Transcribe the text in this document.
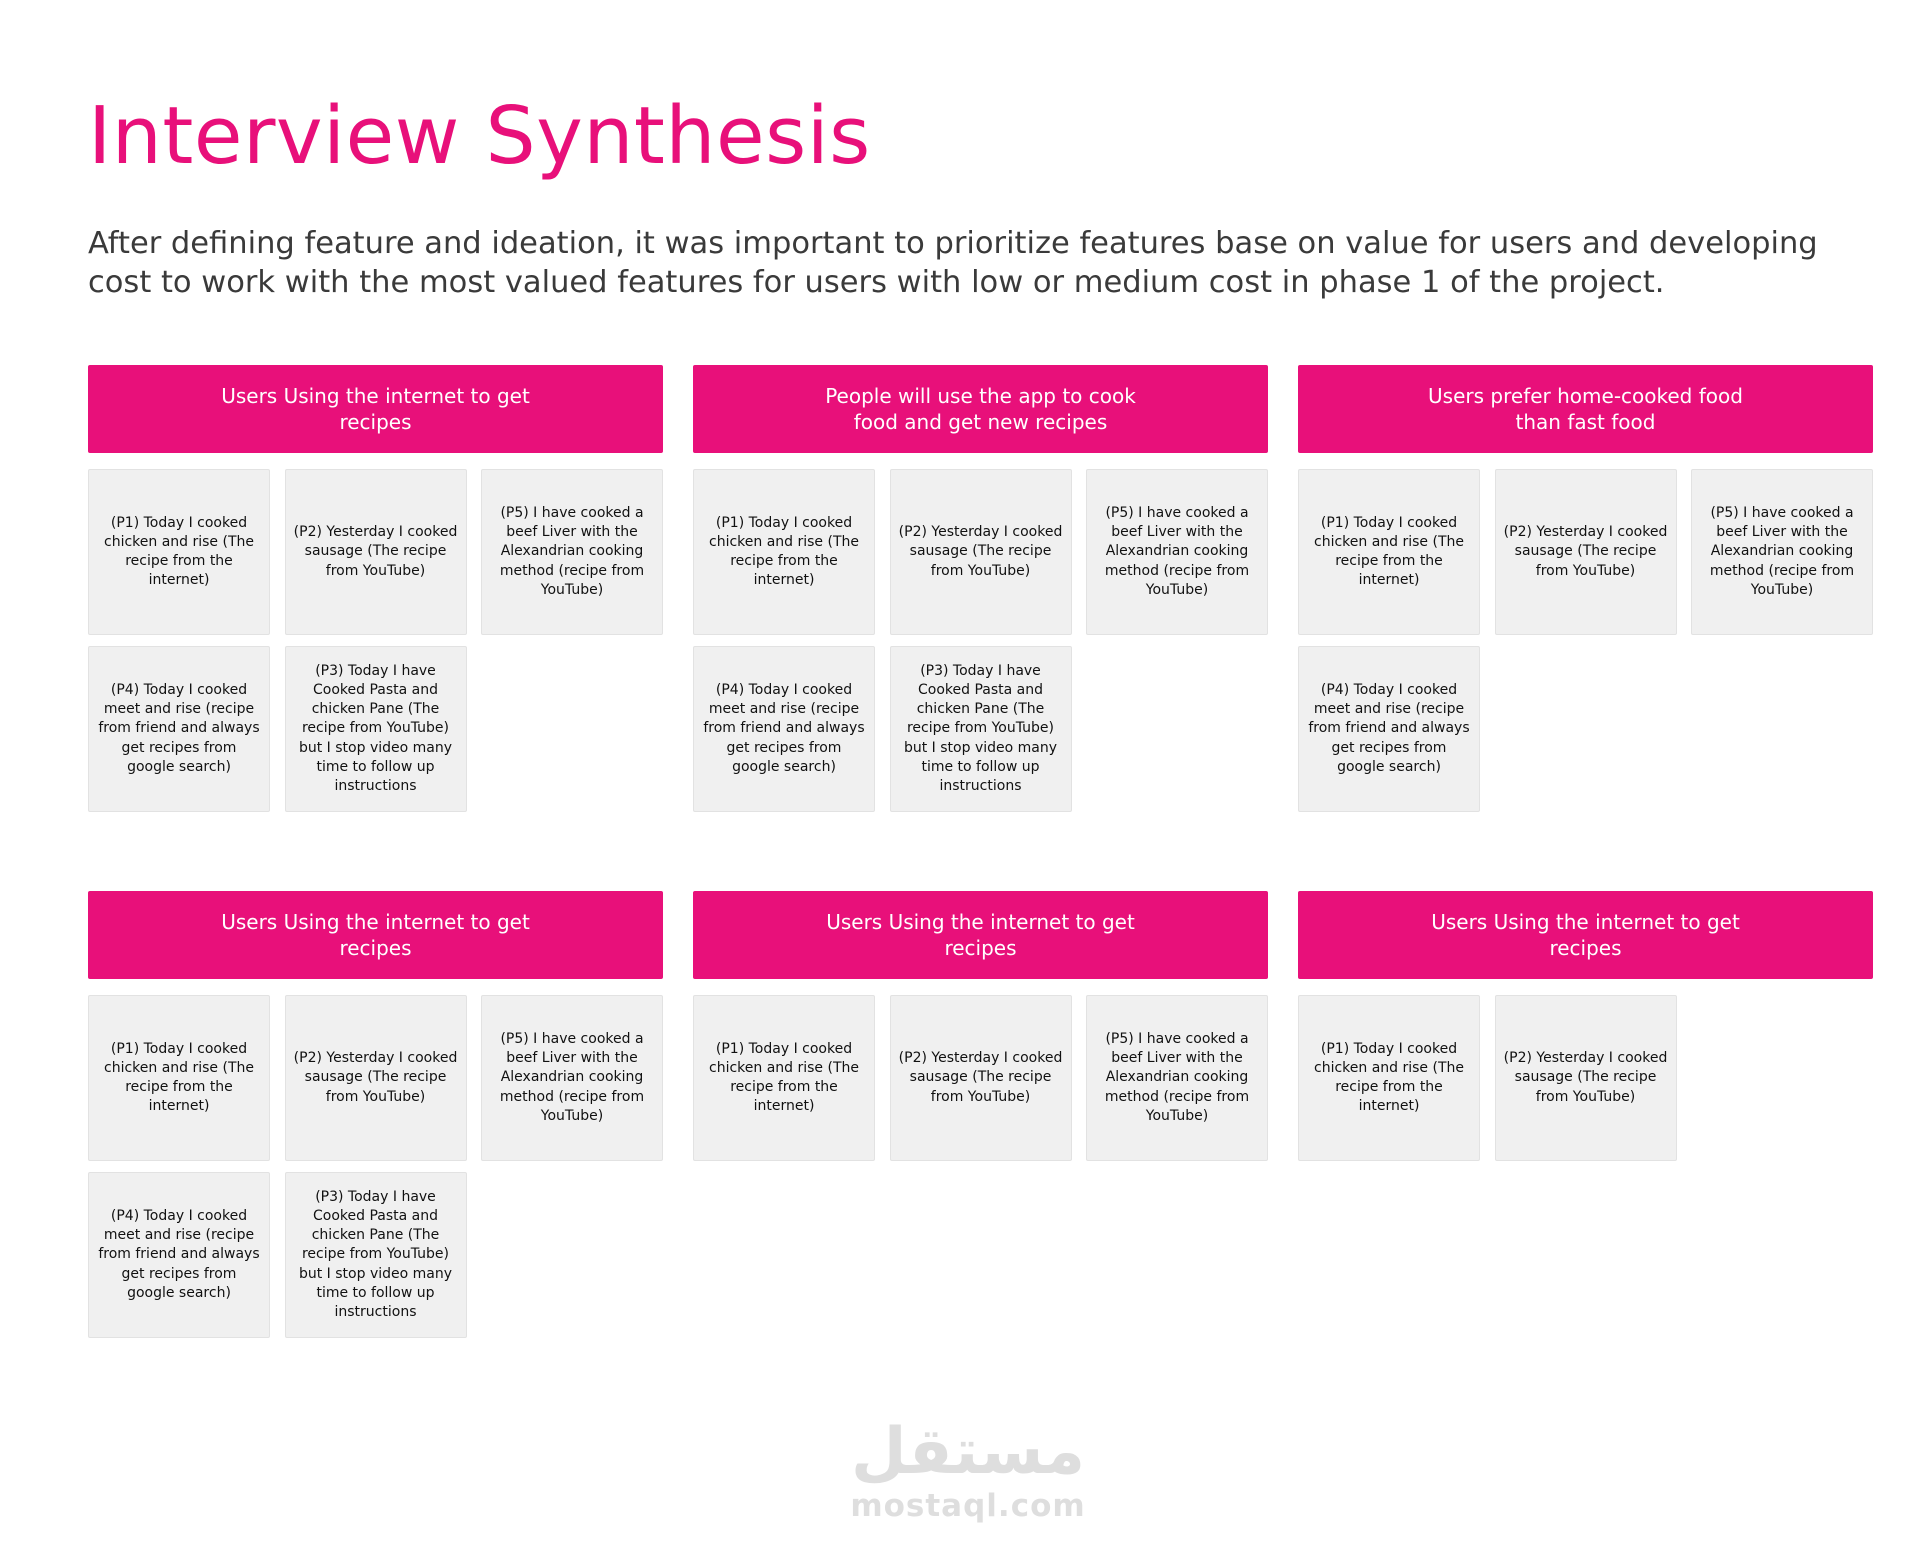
Interview Synthesis

After defining feature and ideation, it was important to prioritize features base on value for users and developing cost to work with the most valued features for users with low or medium cost in phase 1 of the project.

Users Using the internet to get recipes
(P1) Today I cooked chicken and rise (The recipe from the internet)
(P2) Yesterday I cooked sausage (The recipe from YouTube)
(P5) I have cooked a beef Liver with the Alexandrian cooking method (recipe from YouTube)
(P4) Today I cooked meet and rise (recipe from friend and always get recipes from google search)
(P3) Today I have Cooked Pasta and chicken Pane (The recipe from YouTube) but I stop video many time to follow up instructions
People will use the app to cook food and get new recipes
(P1) Today I cooked chicken and rise (The recipe from the internet)
(P2) Yesterday I cooked sausage (The recipe from YouTube)
(P5) I have cooked a beef Liver with the Alexandrian cooking method (recipe from YouTube)
(P4) Today I cooked meet and rise (recipe from friend and always get recipes from google search)
(P3) Today I have Cooked Pasta and chicken Pane (The recipe from YouTube) but I stop video many time to follow up instructions
Users prefer home-cooked food than fast food
(P1) Today I cooked chicken and rise (The recipe from the internet)
(P2) Yesterday I cooked sausage (The recipe from YouTube)
(P5) I have cooked a beef Liver with the Alexandrian cooking method (recipe from YouTube)
(P4) Today I cooked meet and rise (recipe from friend and always get recipes from google search)
Users Using the internet to get recipes
(P1) Today I cooked chicken and rise (The recipe from the internet)
(P2) Yesterday I cooked sausage (The recipe from YouTube)
(P5) I have cooked a beef Liver with the Alexandrian cooking method (recipe from YouTube)
(P4) Today I cooked meet and rise (recipe from friend and always get recipes from google search)
(P3) Today I have Cooked Pasta and chicken Pane (The recipe from YouTube) but I stop video many time to follow up instructions
Users Using the internet to get recipes
(P1) Today I cooked chicken and rise (The recipe from the internet)
(P2) Yesterday I cooked sausage (The recipe from YouTube)
(P5) I have cooked a beef Liver with the Alexandrian cooking method (recipe from YouTube)
Users Using the internet to get recipes
(P1) Today I cooked chicken and rise (The recipe from the internet)
(P2) Yesterday I cooked sausage (The recipe from YouTube)
مستقل
mostaql.com
